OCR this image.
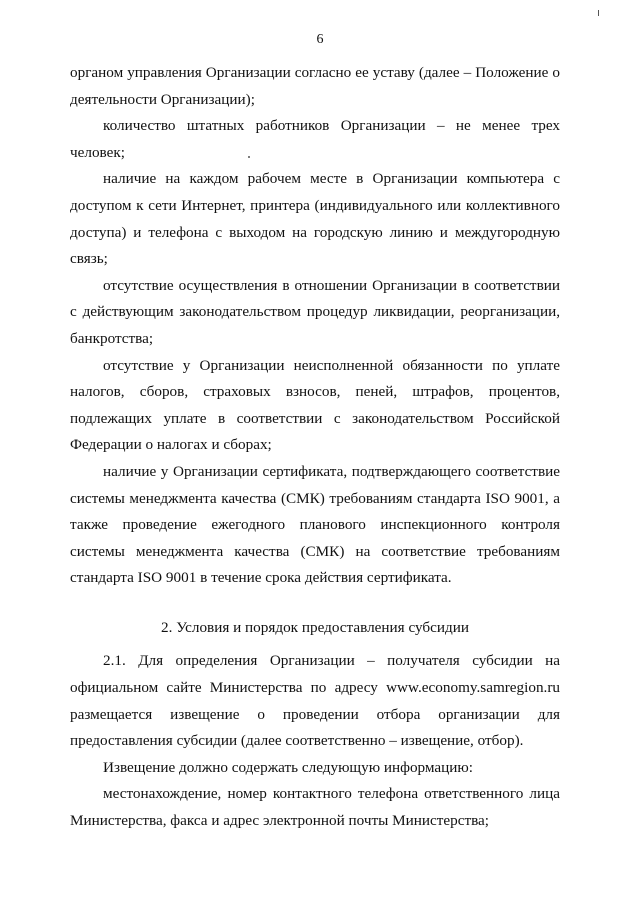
6

органом управления Организации согласно ее уставу (далее – Положение о деятельности Организации);

количество штатных работников Организации – не менее трех человек;

наличие на каждом рабочем месте в Организации компьютера с доступом к сети Интернет, принтера (индивидуального или коллективного доступа) и телефона с выходом на городскую линию и междугородную связь;

отсутствие осуществления в отношении Организации в соответствии с действующим законодательством процедур ликвидации, реорганизации, банкротства;

отсутствие у Организации неисполненной обязанности по уплате налогов, сборов, страховых взносов, пеней, штрафов, процентов, подлежащих уплате в соответствии с законодательством Российской Федерации о налогах и сборах;

наличие у Организации сертификата, подтверждающего соответствие системы менеджмента качества (СМК) требованиям стандарта ISO 9001, а также проведение ежегодного планового инспекционного контроля системы менеджмента качества (СМК) на соответствие требованиям стандарта ISO 9001 в течение срока действия сертификата.

2. Условия и порядок предоставления субсидии

2.1. Для определения Организации – получателя субсидии на официальном сайте Министерства по адресу www.economy.samregion.ru размещается извещение о проведении отбора организации для предоставления субсидии (далее соответственно – извещение, отбор).

Извещение должно содержать следующую информацию:

местонахождение, номер контактного телефона ответственного лица Министерства, факса и адрес электронной почты Министерства;
